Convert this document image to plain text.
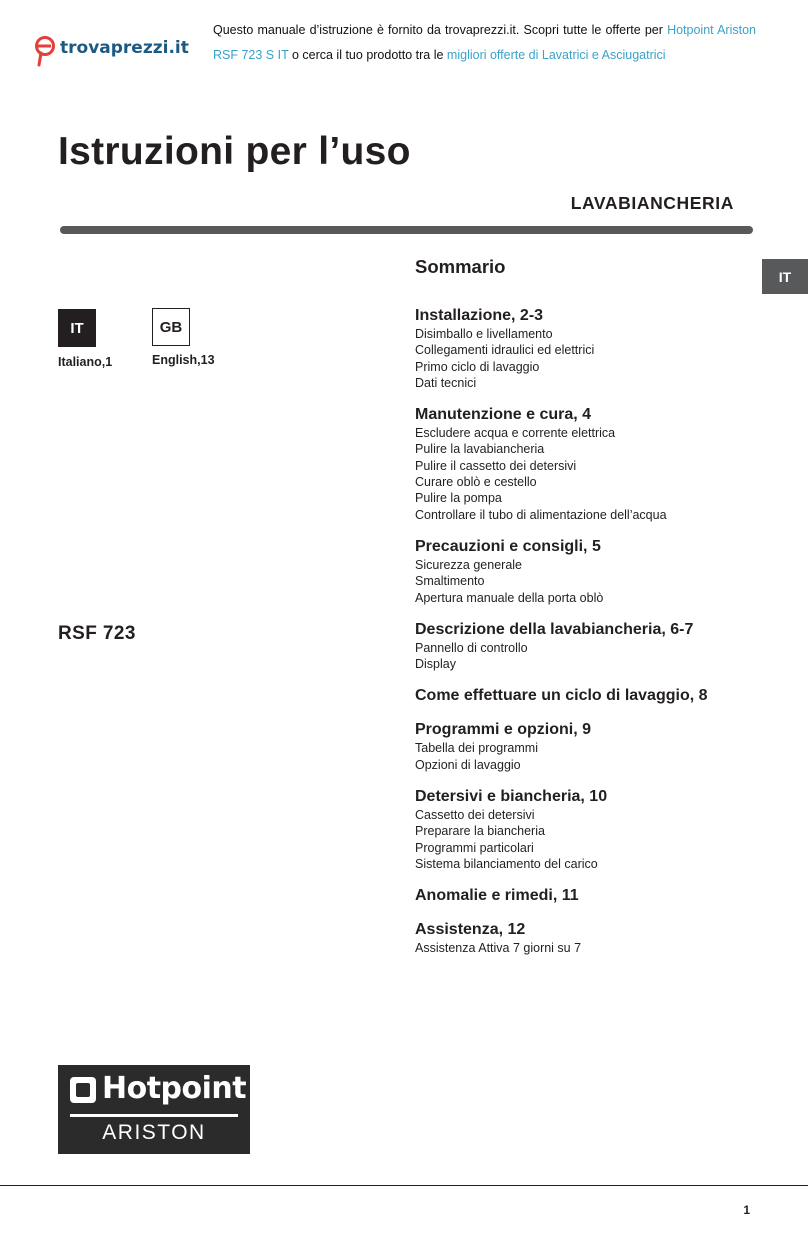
trovaprezzi.it
Questo manuale d’istruzione è fornito da trovaprezzi.it. Scopri tutte le offerte per Hotpoint Ariston
RSF 723 S IT o cerca il tuo prodotto tra le migliori offerte di Lavatrici e Asciugatrici
Istruzioni per l’uso
LAVABIANCHERIA
IT
IT	GB
Italiano,1	English,13
RSF 723
Sommario
Installazione, 2-3
Disimballo e livellamento
Collegamenti idraulici ed elettrici
Primo ciclo di lavaggio
Dati tecnici
Manutenzione e cura, 4
Escludere acqua e corrente elettrica
Pulire la lavabiancheria
Pulire il cassetto dei detersivi
Curare oblò e cestello
Pulire la pompa
Controllare il tubo di alimentazione dell’acqua
Precauzioni e consigli, 5
Sicurezza generale
Smaltimento
Apertura manuale della porta oblò
Descrizione della lavabiancheria, 6-7
Pannello di controllo
Display
Come effettuare un ciclo di lavaggio, 8
Programmi e opzioni, 9
Tabella dei programmi
Opzioni di lavaggio
Detersivi e biancheria, 10
Cassetto dei detersivi
Preparare la biancheria
Programmi particolari
Sistema bilanciamento del carico
Anomalie e rimedi, 11
Assistenza, 12
Assistenza Attiva 7 giorni su 7
Hotpoint
ARISTON
1
